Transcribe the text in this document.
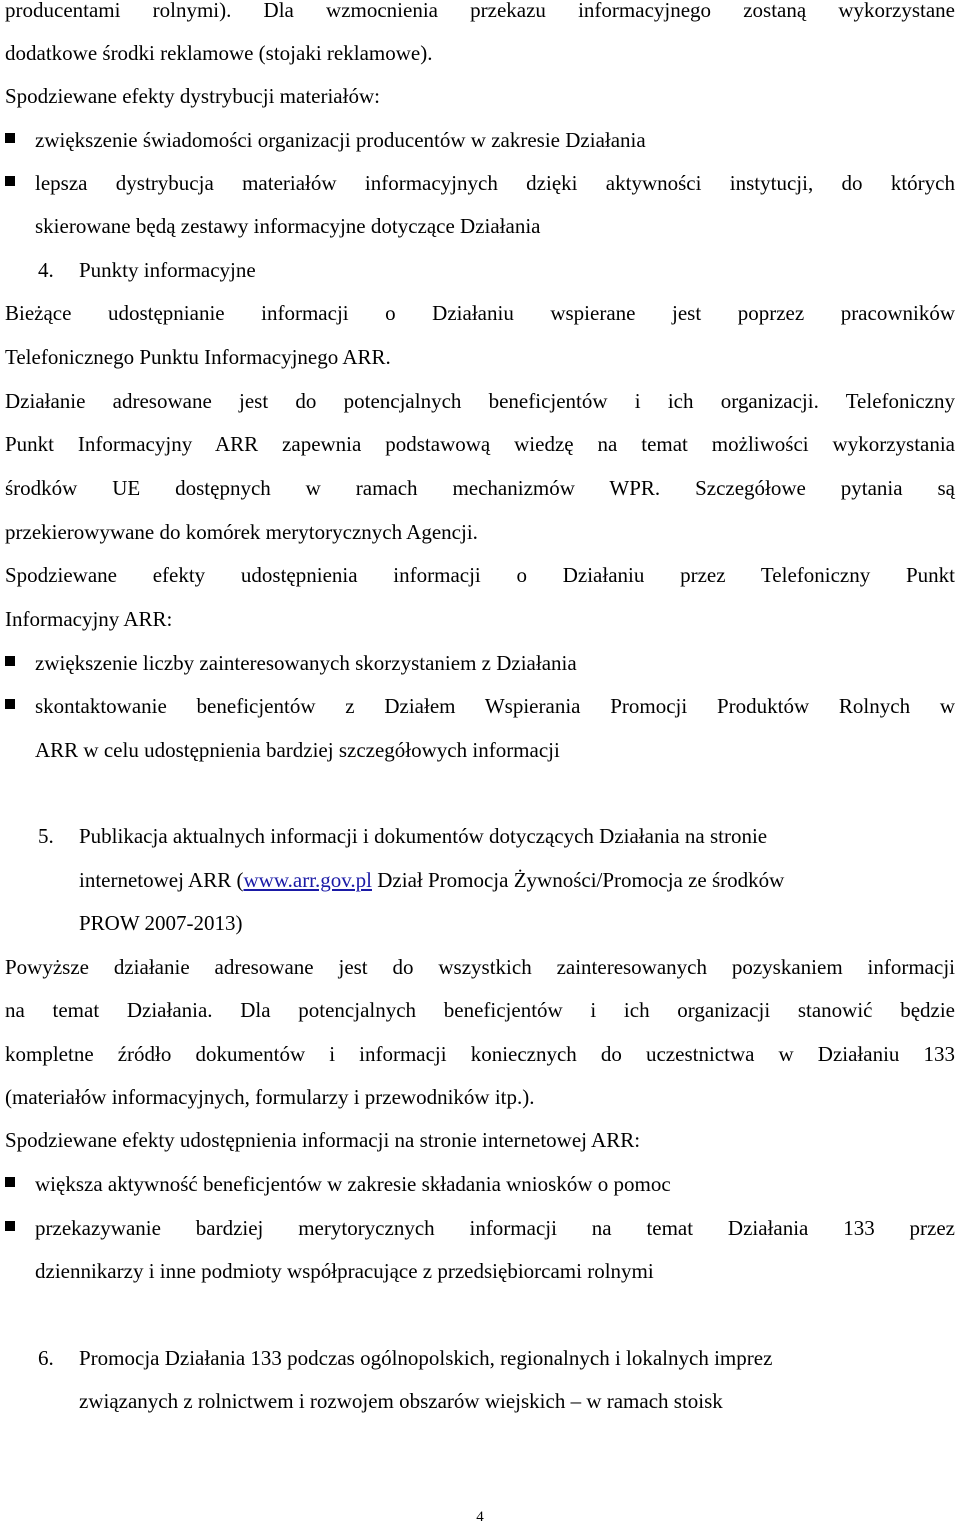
producentami rolnymi). Dla wzmocnienia przekazu informacyjnego zostaną wykorzystane

dodatkowe środki reklamowe (stojaki reklamowe).

Spodziewane efekty dystrybucji materiałów:

zwiększenie świadomości organizacji producentów w zakresie Działania

lepsza dystrybucja materiałów informacyjnych dzięki aktywności instytucji, do których

skierowane będą zestawy informacyjne dotyczące Działania

4. Punkty informacyjne

Bieżące udostępnianie informacji o Działaniu wspierane jest poprzez pracowników

Telefonicznego Punktu Informacyjnego ARR.

Działanie adresowane jest do potencjalnych beneficjentów i ich organizacji. Telefoniczny

Punkt Informacyjny ARR zapewnia podstawową wiedzę na temat możliwości wykorzystania

środków UE dostępnych w ramach mechanizmów WPR. Szczegółowe pytania są

przekierowywane do komórek merytorycznych Agencji.

Spodziewane efekty udostępnienia informacji o Działaniu przez Telefoniczny Punkt

Informacyjny ARR:

zwiększenie liczby zainteresowanych skorzystaniem z Działania

skontaktowanie beneficjentów z Działem Wspierania Promocji Produktów Rolnych w

ARR w celu udostępnienia bardziej szczegółowych informacji

5. Publikacja aktualnych informacji i dokumentów dotyczących Działania na stronie

internetowej ARR (www.arr.gov.pl Dział Promocja Żywności/Promocja ze środków

PROW 2007-2013)

Powyższe działanie adresowane jest do wszystkich zainteresowanych pozyskaniem informacji

na temat Działania. Dla potencjalnych beneficjentów i ich organizacji stanowić będzie

kompletne źródło dokumentów i informacji koniecznych do uczestnictwa w Działaniu 133

(materiałów informacyjnych, formularzy i przewodników itp.).

Spodziewane efekty udostępnienia informacji na stronie internetowej ARR:

większa aktywność beneficjentów w zakresie składania wniosków o pomoc

przekazywanie bardziej merytorycznych informacji na temat Działania 133 przez

dziennikarzy i inne podmioty współpracujące z przedsiębiorcami rolnymi

6. Promocja Działania 133 podczas ogólnopolskich, regionalnych i lokalnych imprez

związanych z rolnictwem i rozwojem obszarów wiejskich – w ramach stoisk

4
